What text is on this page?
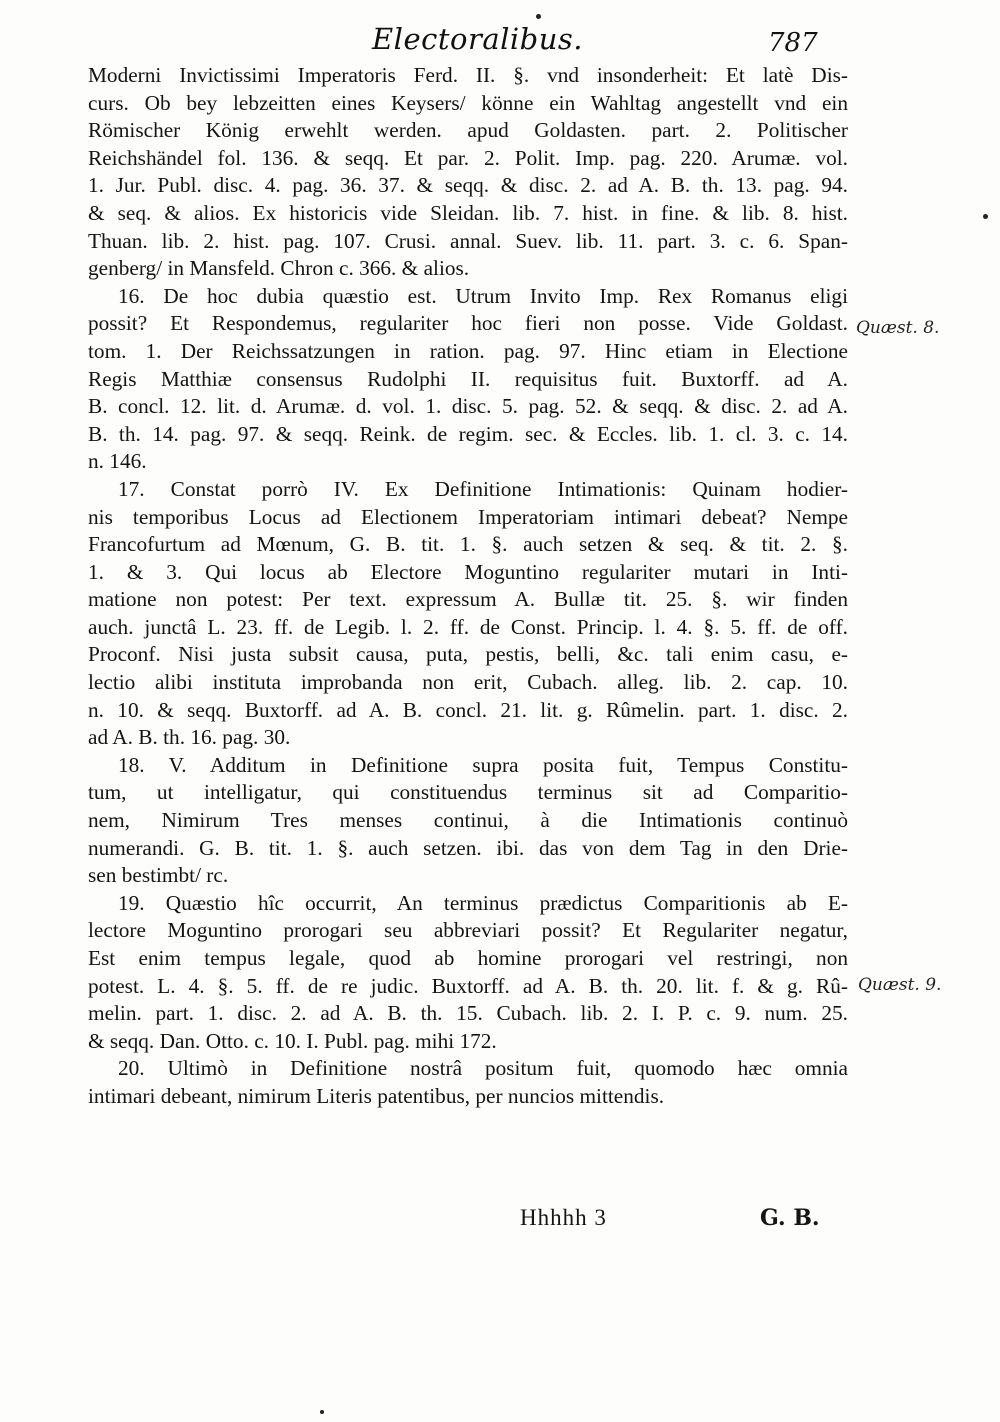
Electoralibus.	787

Moderni Invictissimi Imperatoris Ferd. II. §. vnd insonderheit: Et latè Dis-
curs. Ob bey lebzeitten eines Keysers/ könne ein Wahltag angestellt vnd ein
Römischer König erwehlt werden. apud Goldasten. part. 2. Politischer
Reichshändel fol. 136. & seqq. Et par. 2. Polit. Imp. pag. 220. Arumæ. vol.
1. Jur. Publ. disc. 4. pag. 36. 37. & seqq. & disc. 2. ad A. B. th. 13. pag. 94.
& seq. & alios. Ex historicis vide Sleidan. lib. 7. hist. in fine. & lib. 8. hist.
Thuan. lib. 2. hist. pag. 107. Crusi. annal. Suev. lib. 11. part. 3. c. 6. Span-
genberg/ in Mansfeld. Chron c. 366. & alios.

16. De hoc dubia quæstio est. Utrum Invito Imp. Rex Romanus eligi
possit? Et Respondemus, regulariter hoc fieri non posse. Vide Goldast.
tom. 1. Der Reichssatzungen in ration. pag. 97. Hinc etiam in Electione
Regis Matthiæ consensus Rudolphi II. requisitus fuit. Buxtorff. ad A.
B. concl. 12. lit. d. Arumæ. d. vol. 1. disc. 5. pag. 52. & seqq. & disc. 2. ad A.
B. th. 14. pag. 97. & seqq. Reink. de regim. sec. & Eccles. lib. 1. cl. 3. c. 14.
n. 146.

17. Constat porrò IV. Ex Definitione Intimationis: Quinam hodier-
nis temporibus Locus ad Electionem Imperatoriam intimari debeat? Nempe
Francofurtum ad Mœnum, G. B. tit. 1. §. auch setzen & seq. & tit. 2. §.
1. & 3. Qui locus ab Electore Moguntino regulariter mutari in Inti-
matione non potest: Per text. expressum A. Bullæ tit. 25. §. wir finden
auch. junctâ L. 23. ff. de Legib. l. 2. ff. de Const. Princip. l. 4. §. 5. ff. de off.
Proconf. Nisi justa subsit causa, puta, pestis, belli, &c. tali enim casu, e-
lectio alibi instituta improbanda non erit, Cubach. alleg. lib. 2. cap. 10.
n. 10. & seqq. Buxtorff. ad A. B. concl. 21. lit. g. Rûmelin. part. 1. disc. 2.
ad A. B. th. 16. pag. 30.

18. V. Additum in Definitione supra posita fuit, Tempus Constitu-
tum, ut intelligatur, qui constituendus terminus sit ad Comparitio-
nem, Nimirum Tres menses continui, à die Intimationis continuò
numerandi. G. B. tit. 1. §. auch setzen. ibi. das von dem Tag in den Drie-
sen bestimbt/ rc.

19. Quæstio hîc occurrit, An terminus prædictus Comparitionis ab E-
lectore Moguntino prorogari seu abbreviari possit? Et Regulariter negatur,
Est enim tempus legale, quod ab homine prorogari vel restringi, non
potest. L. 4. §. 5. ff. de re judic. Buxtorff. ad A. B. th. 20. lit. f. & g. Rû-
melin. part. 1. disc. 2. ad A. B. th. 15. Cubach. lib. 2. I. P. c. 9. num. 25.
& seqq. Dan. Otto. c. 10. I. Publ. pag. mihi 172.

20. Ultimò in Definitione nostrâ positum fuit, quomodo hæc omnia
intimari debeant, nimirum Literis patentibus, per nuncios mittendis.

Quæst. 8.
Quæst. 9.
Hhhhh 3	G. B.
